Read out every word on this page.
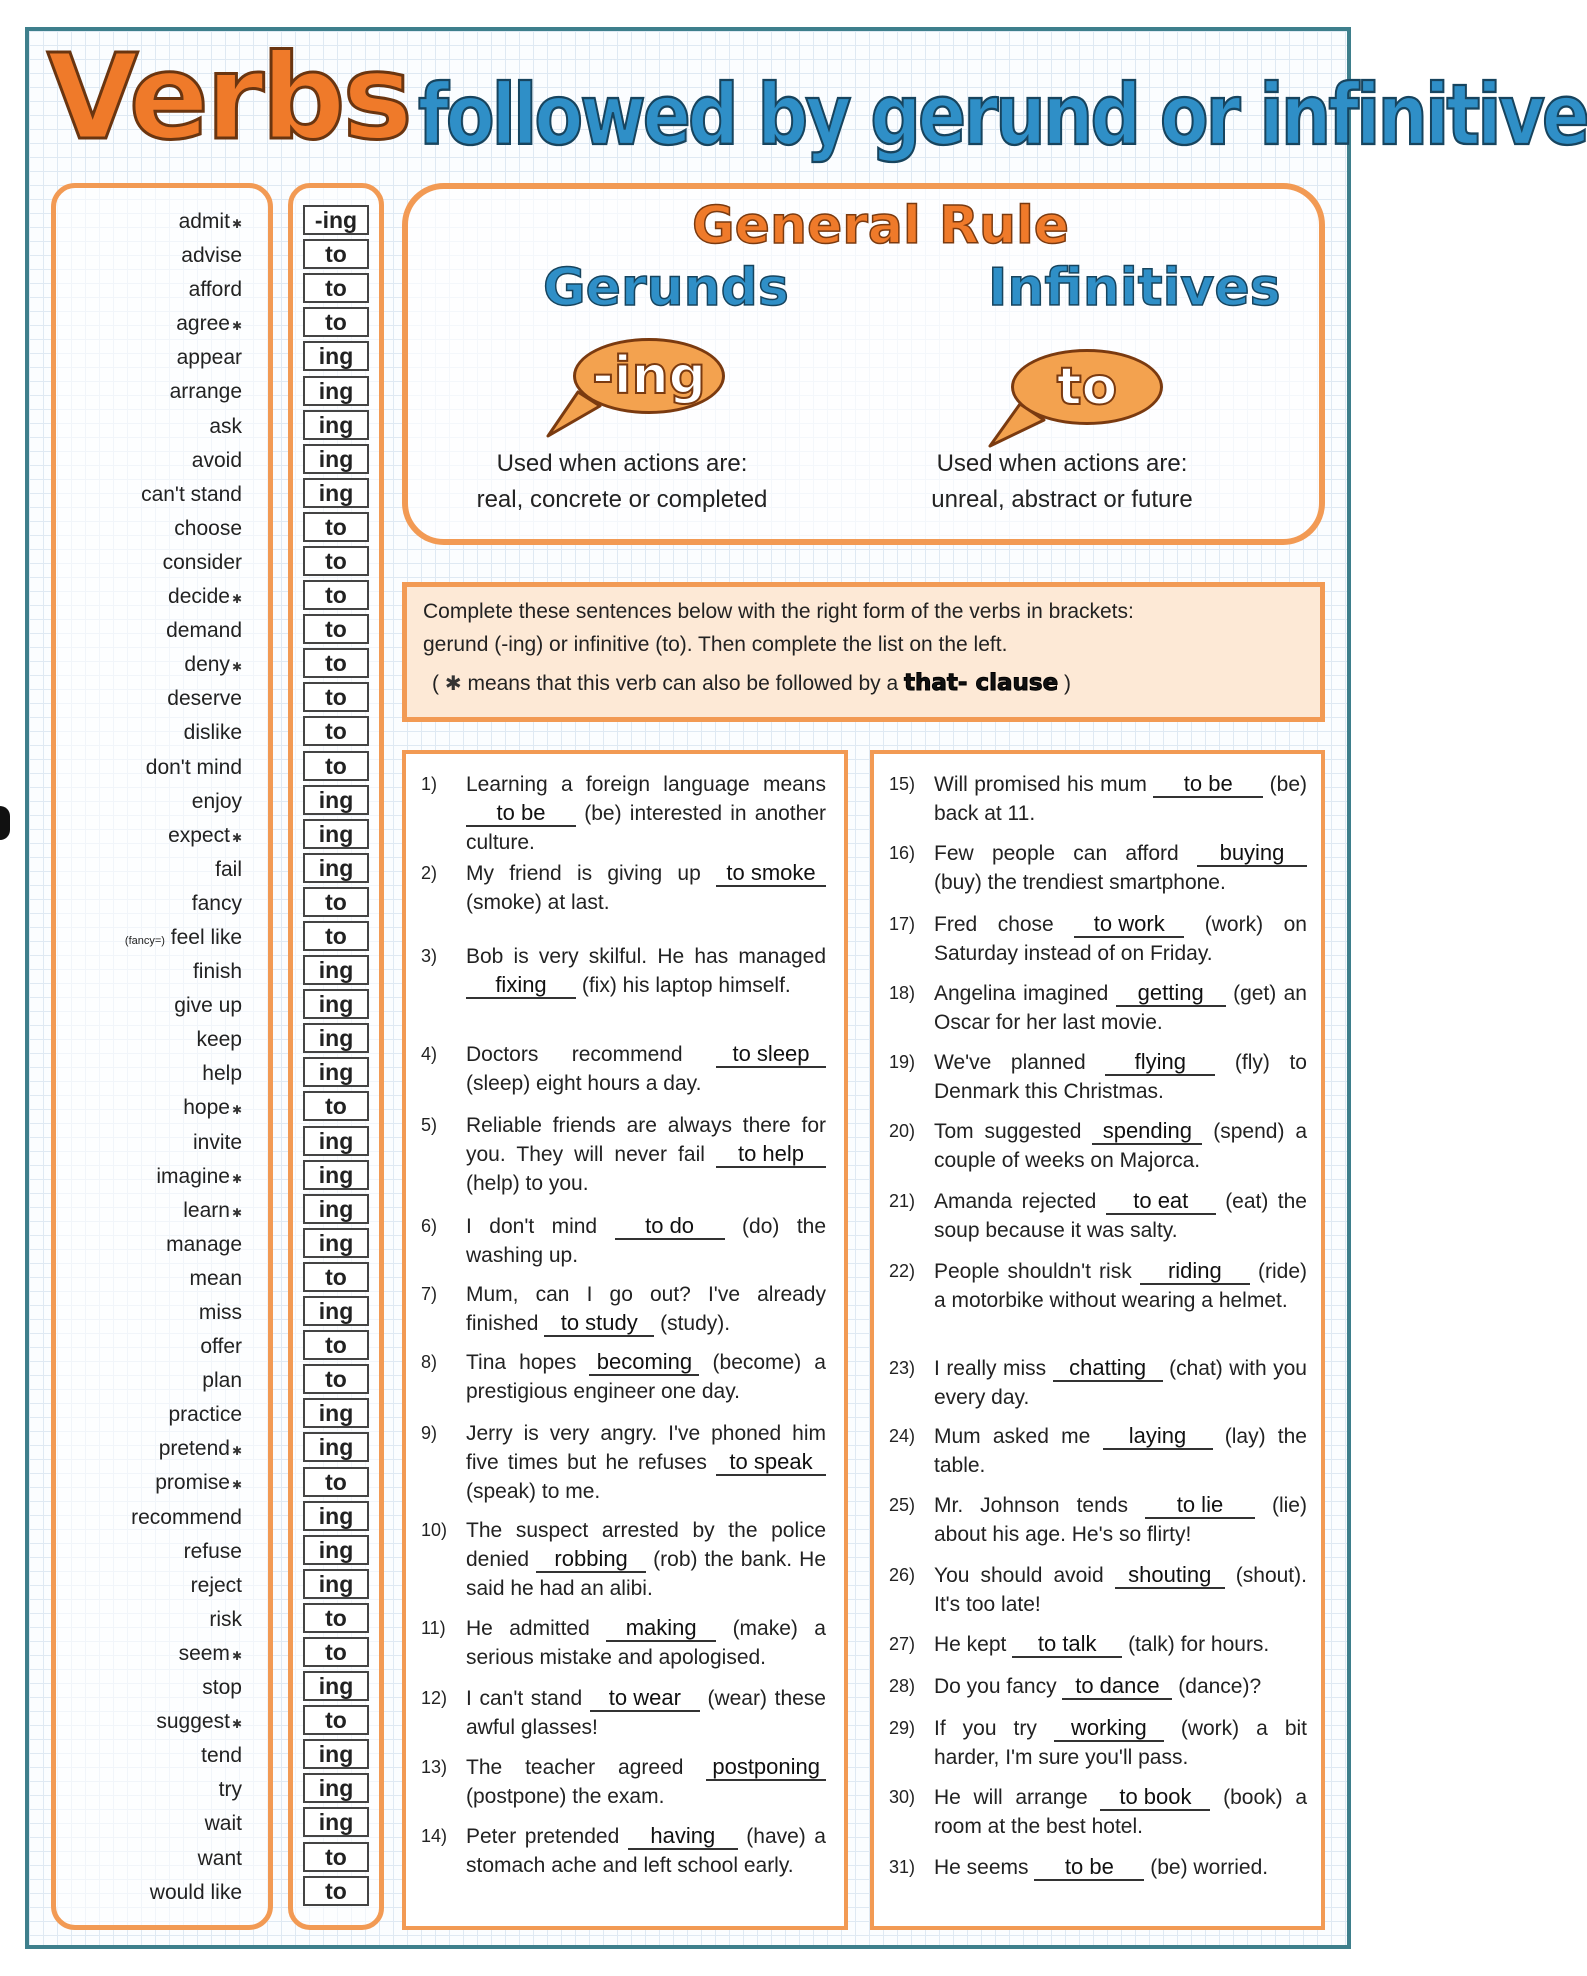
Verbs followed by gerund or infinitive
admit ✱
advise
afford
agree ✱
appear
arrange
ask
avoid
can't stand
choose
consider
decide ✱
demand
deny ✱
deserve
dislike
don't mind
enjoy
expect ✱
fail
fancy
(fancy=) feel like
finish
give up
keep
help
hope ✱
invite
imagine ✱
learn ✱
manage
mean
miss
offer
plan
practice
pretend ✱
promise ✱
recommend
refuse
reject
risk
seem ✱
stop
suggest ✱
tend
try
wait
want
would like
-ing
to
to
to
ing
ing
ing
ing
ing
to
to
to
to
to
to
to
to
ing
ing
ing
to
to
ing
ing
ing
ing
to
ing
ing
ing
ing
to
ing
to
to
ing
ing
to
ing
ing
ing
to
to
ing
to
ing
ing
ing
to
to
General Rule
Gerunds	Infinitives
-ing	to
Used when actions are:
real, concrete or completed
Used when actions are:
unreal, abstract or future
Complete these sentences below with the right form of the verbs in brackets:
gerund (-ing) or infinitive (to). Then complete the list on the left.
( ✱ means that this verb can also be followed by a that- clause )
1) Learning a foreign language means to be (be) interested in another culture.
2) My friend is giving up to smoke (smoke) at last.
3) Bob is very skilful. He has managed fixing (fix) his laptop himself.
4) Doctors recommend to sleep (sleep) eight hours a day.
5) Reliable friends are always there for you. They will never fail to help (help) to you.
6) I don't mind to do (do) the washing up.
7) Mum, can I go out? I've already finished to study (study).
8) Tina hopes becoming (become) a prestigious engineer one day.
9) Jerry is very angry. I've phoned him five times but he refuses to speak (speak) to me.
10) The suspect arrested by the police denied robbing (rob) the bank. He said he had an alibi.
11) He admitted making (make) a serious mistake and apologised.
12) I can't stand to wear (wear) these awful glasses!
13) The teacher agreed postponing (postpone) the exam.
14) Peter pretended having (have) a stomach ache and left school early.
15) Will promised his mum to be (be) back at 11.
16) Few people can afford buying (buy) the trendiest smartphone.
17) Fred chose to work (work) on Saturday instead of on Friday.
18) Angelina imagined getting (get) an Oscar for her last movie.
19) We've planned flying (fly) to Denmark this Christmas.
20) Tom suggested spending (spend) a couple of weeks on Majorca.
21) Amanda rejected to eat (eat) the soup because it was salty.
22) People shouldn't risk riding (ride) a motorbike without wearing a helmet.
23) I really miss chatting (chat) with you every day.
24) Mum asked me laying (lay) the table.
25) Mr. Johnson tends to lie (lie) about his age. He's so flirty!
26) You should avoid shouting (shout). It's too late!
27) He kept to talk (talk) for hours.
28) Do you fancy to dance (dance)?
29) If you try working (work) a bit harder, I'm sure you'll pass.
30) He will arrange to book (book) a room at the best hotel.
31) He seems to be (be) worried.
